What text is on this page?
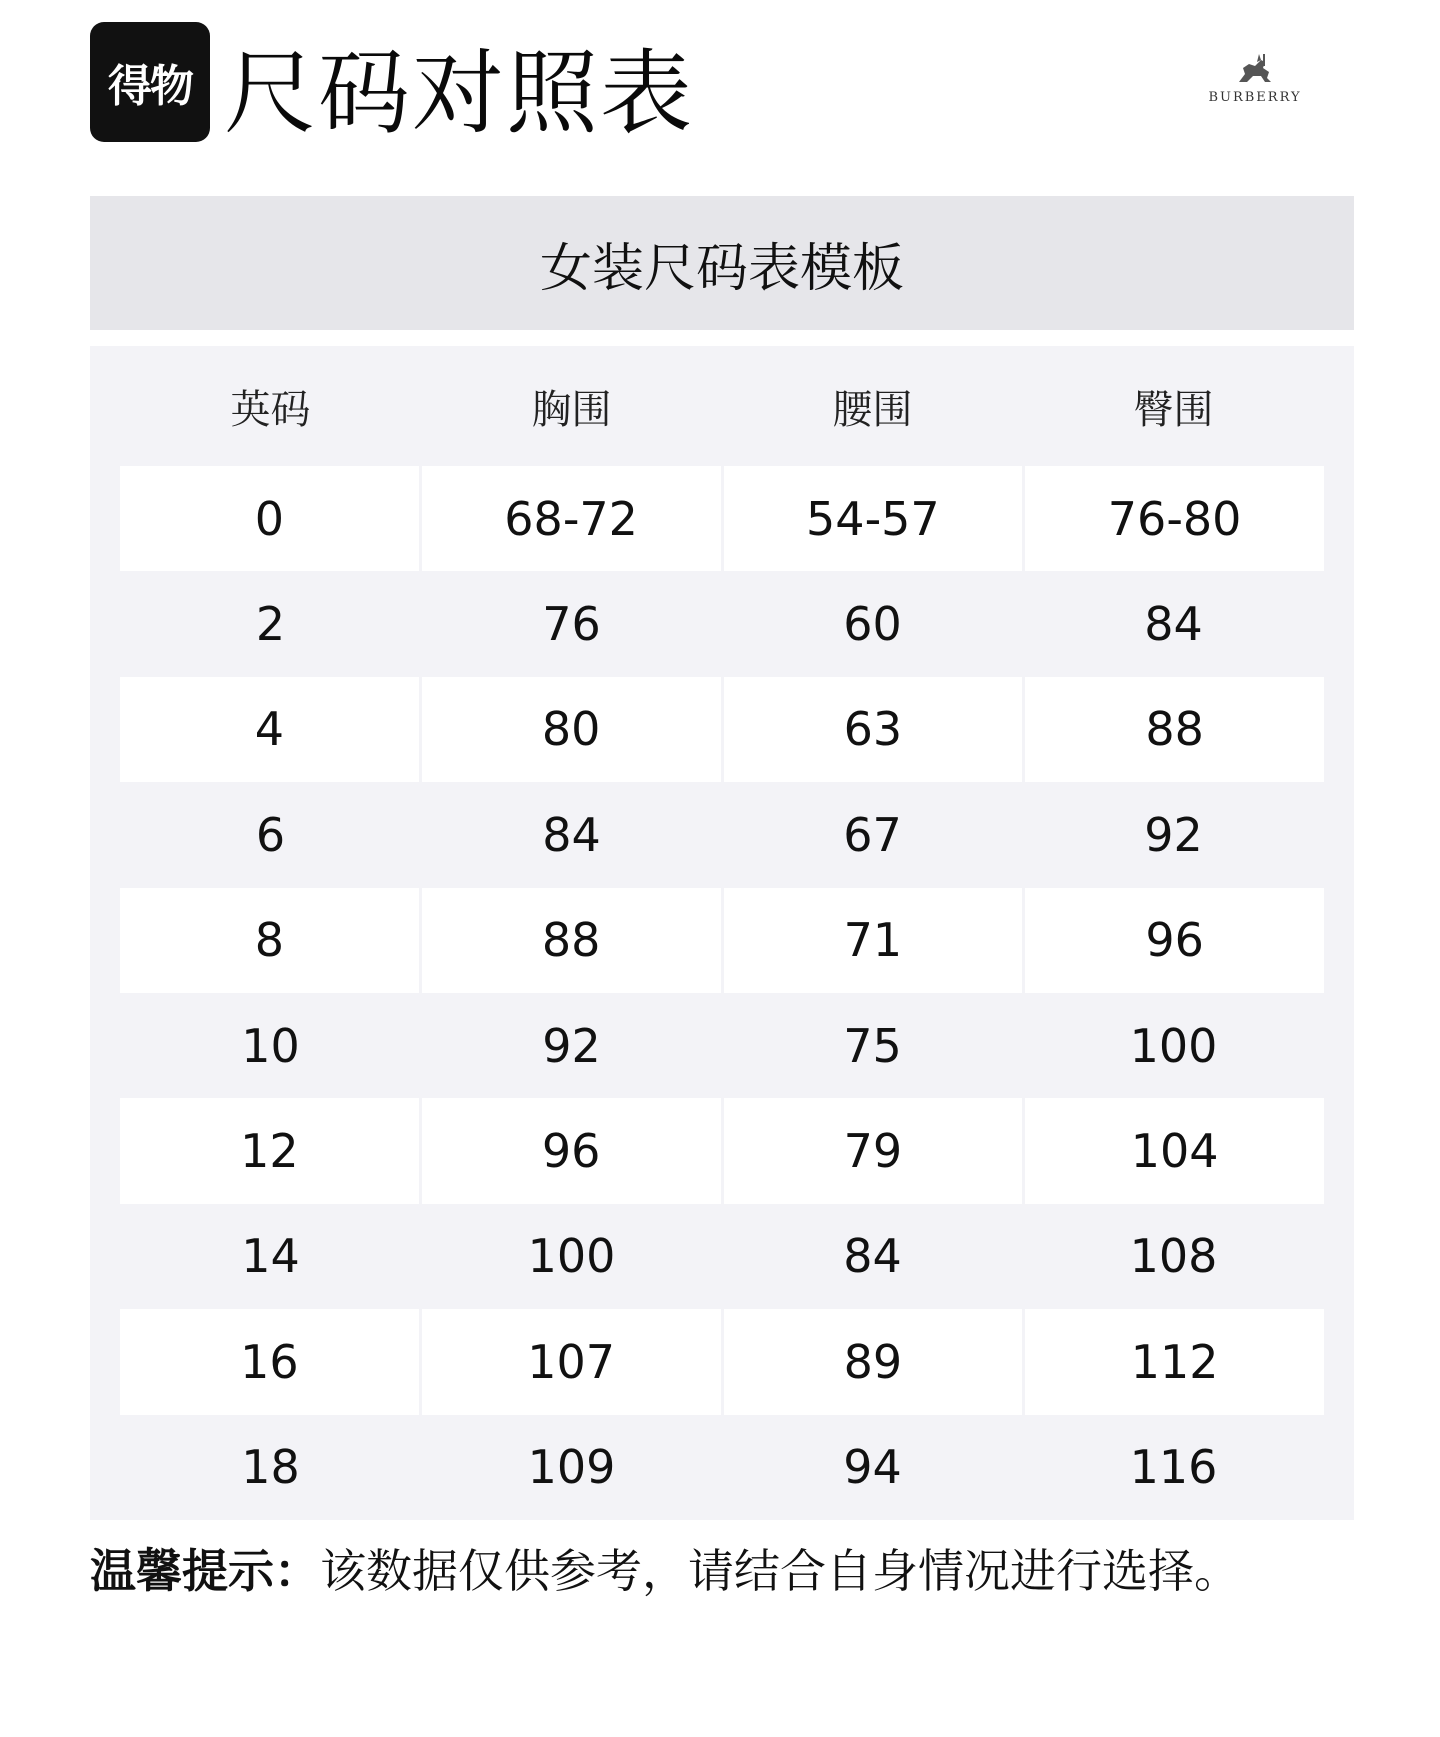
得物 尺码对照表	BURBERRY
女装尺码表模板
英码	胸围	腰围	臀围
0	68-72	54-57	76-80
2	76	60	84
4	80	63	88
6	84	67	92
8	88	71	96
10	92	75	100
12	96	79	104
14	100	84	108
16	107	89	112
18	109	94	116
温馨提示：该数据仅供参考，请结合自身情况进行选择。
